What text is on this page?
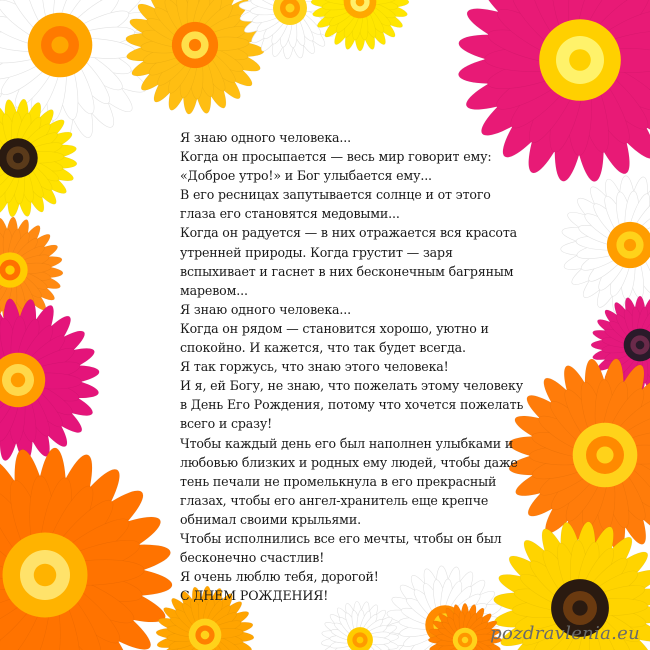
Я знаю одного человека...
Когда он просыпается — весь мир говорит ему:
«Доброе утро!» и Бог улыбается ему...
В его ресницах запутывается солнце и от этого
глаза его становятся медовыми...
Когда он радуется — в них отражается вся красота
утренней природы. Когда грустит — заря
вспыхивает и гаснет в них бесконечным багряным
маревом...
Я знаю одного человека...
Когда он рядом — становится хорошо, уютно и
спокойно. И кажется, что так будет всегда.
Я так горжусь, что знаю этого человека!
И я, ей Богу, не знаю, что пожелать этому человеку
в День Его Рождения, потому что хочется пожелать
всего и сразу!
Чтобы каждый день его был наполнен улыбками и
любовью близких и родных ему людей, чтобы даже
тень печали не промелькнула в его прекрасный
глазах, чтобы его ангел-хранитель еще крепче
обнимал своими крыльями.
Чтобы исполнились все его мечты, чтобы он был
бесконечно счастлив!
Я очень люблю тебя, дорогой!
С ДНЕМ РОЖДЕНИЯ!
pozdravlenia.eu
